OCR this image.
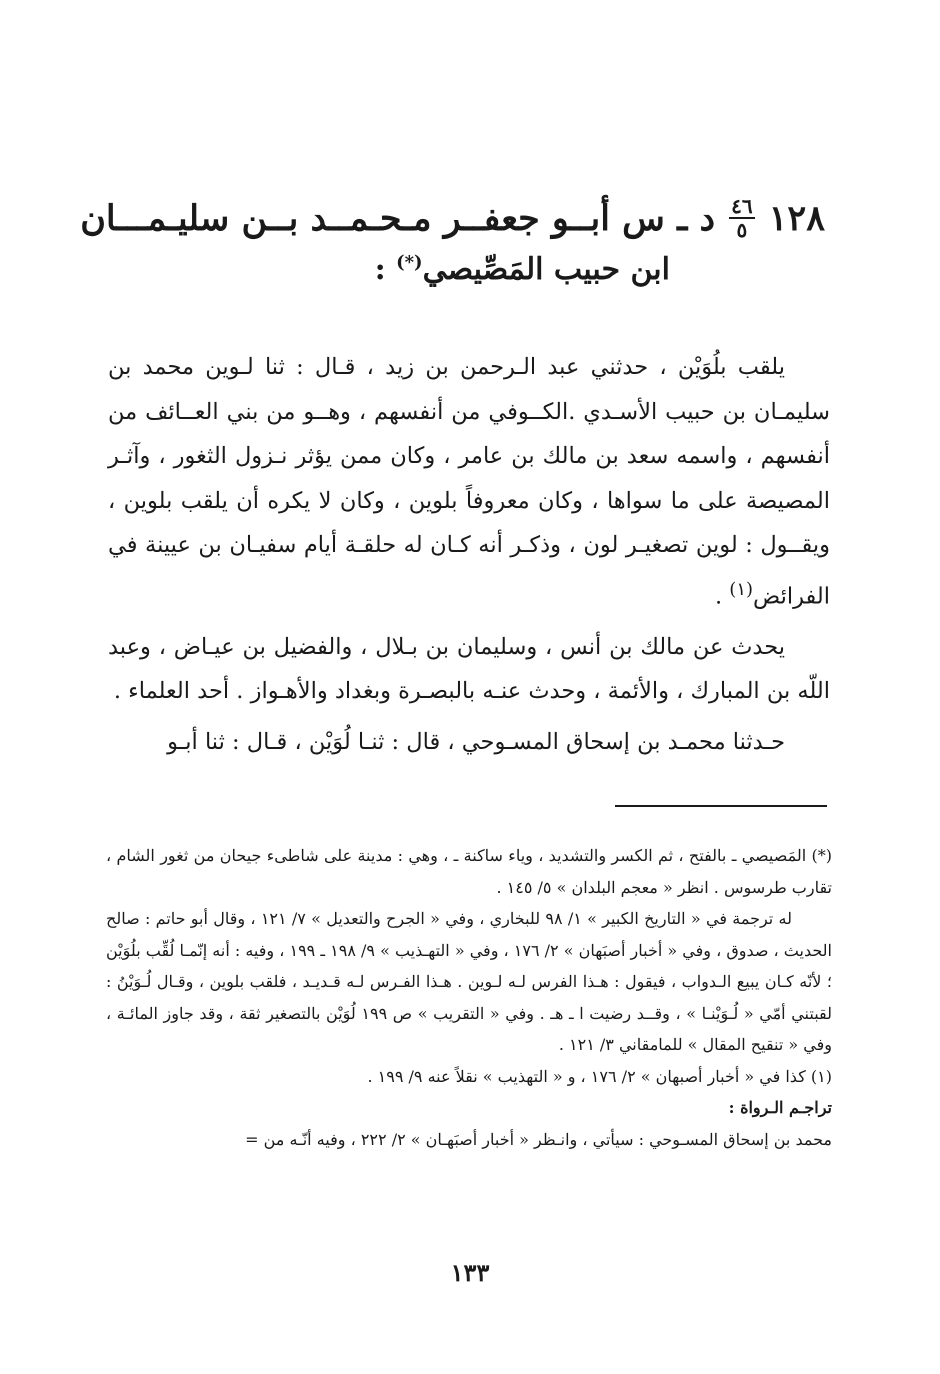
١٢٨
$\frac{٤٦}{٥}$
د ـ س أبــو جعفــر مـحـمــد بــن سليـمـــان
ابن حبيب المَصِّيصي(*) :

يلقب بلُوَيْن ، حدثني عبد الـرحمن بن زيد ، قـال : ثنا لـوين محمد بن سليمـان بن حبيب الأسـدي .الكــوفي من أنفسهم ، وهــو من بني العــائف من أنفسهم ، واسمه سعد بن مالك بن عامر ، وكان ممن يؤثر نـزول الثغور ، وآثـر المصيصة على ما سواها ، وكان معروفاً بلوين ، وكان لا يكره أن يلقب بلوين ، ويقــول : لوين تصغيـر لون ، وذكـر أنه كـان له حلقـة أيام سفيـان بن عيينة في الفرائض$^{(١)}$ .

يحدث عن مالك بن أنس ، وسليمان بن بـلال ، والفضيل بن عيـاض ، وعبد اللّه بن المبارك ، والأئمة ، وحدث عنـه بالبصـرة وبغداد والأهـواز . أحد العلماء .

حـدثنا محمـد بن إسحاق المسـوحي ، قال : ثنـا لُوَيْن ، قـال : ثنا أبـو

(*) المَصيصي ـ بالفتح ، ثم الكسر والتشديد ، وياء ساكنة ـ ، وهي : مدينة على شاطىء جيحان من ثغور الشام ، تقارب طرسوس . انظر « معجم البلدان » ٥/ ١٤٥ .

له ترجمة في « التاريخ الكبير » ١/ ٩٨ للبخاري ، وفي « الجرح والتعديل » ٧/ ١٢١ ، وقال أبو حاتم : صالح الحديث ، صدوق ، وفي « أخبار أصبَهان » ٢/ ١٧٦ ، وفي « التهـذيب » ٩/ ١٩٨ ـ ١٩٩ ، وفيه : أنه إنّمـا لُقِّب بلُوَيْن ؛ لأنّه كـان يبيع الـدواب ، فيقول : هـذا الفرس لـه لـوين . هـذا الفـرس لـه قـديـد ، فلقب بلوين ، وقـال لُـوَيْنُ : لقبتني أمّي « لُـوَيْنـا » ، وقــد رضيت ا ـ هـ . وفي « التقريب » ص ١٩٩ لُوَيْن بالتصغير ثقة ، وقد جاوز المائـة ، وفي « تنقيح المقال » للمامقاني ٣/ ١٢١ .

(١) كذا في « أخبار أصبهان » ٢/ ١٧٦ ، و « التهذيب » نقلاً عنه ٩/ ١٩٩ .

تراجـم الـرواة :

محمد بن إسحاق المسـوحي : سيأتي ، وانـظر « أخبار أصبَهـان » ٢/ ٢٢٢ ، وفيه أنّـه من =

١٣٣
